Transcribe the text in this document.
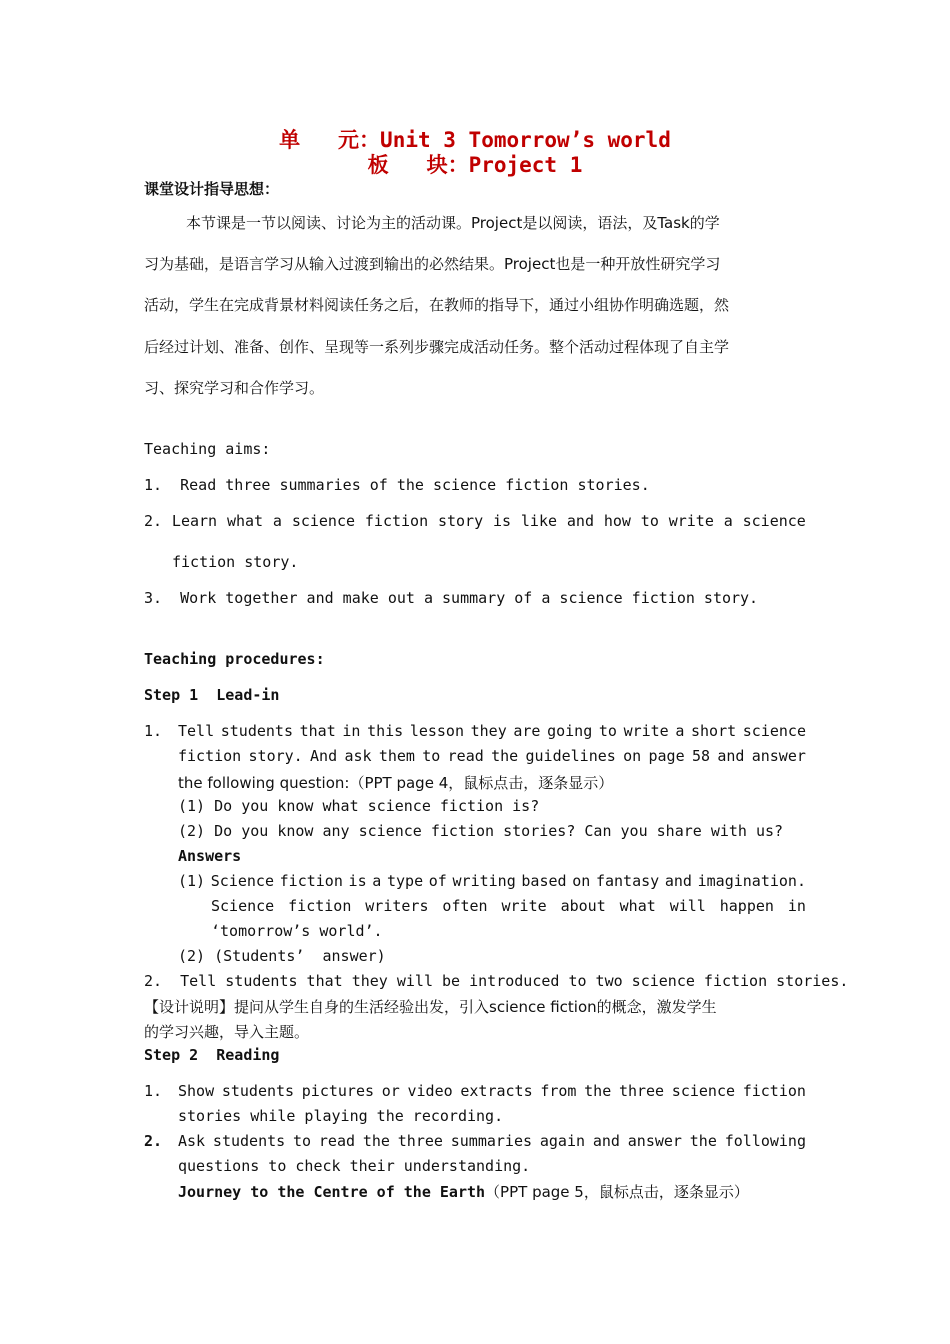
单   元：Unit 3 Tomorrow’s world
板   块：Project 1
课堂设计指导思想：
本节课是一节以阅读、讨论为主的活动课。Project是以阅读，语法，及Task的学
习为基础，是语言学习从输入过渡到输出的必然结果。Project也是一种开放性研究学习
活动，学生在完成背景材料阅读任务之后，在教师的指导下，通过小组协作明确选题，然
后经过计划、准备、创作、呈现等一系列步骤完成活动任务。整个活动过程体现了自主学
习、探究学习和合作学习。
Teaching aims:
1.  Read three summaries of the science fiction stories.
2. Learn what a science fiction story is like and how to write a science
fiction story.
3.  Work together and make out a summary of a science fiction story.
Teaching procedures:
Step 1  Lead-in
1. Tell students that in this lesson they are going to write a short science
fiction story. And ask them to read the guidelines on page 58 and answer
the following question:（PPT page 4，鼠标点击，逐条显示）
(1) Do you know what science fiction is?
(2) Do you know any science fiction stories? Can you share with us?
Answers
(1) Science fiction is a type of writing based on fantasy and imagination.
Science fiction writers often write about what will happen in
‘tomorrow’s world’.
(2) (Students’  answer)
2.  Tell students that they will be introduced to two science fiction stories.
【设计说明】提问从学生自身的生活经验出发，引入science fiction的概念，激发学生
的学习兴趣，导入主题。
Step 2  Reading
1. Show students pictures or video extracts from the three science fiction
stories while playing the recording.
2. Ask students to read the three summaries again and answer the following
questions to check their understanding.
Journey to the Centre of the Earth（PPT page 5，鼠标点击，逐条显示）
